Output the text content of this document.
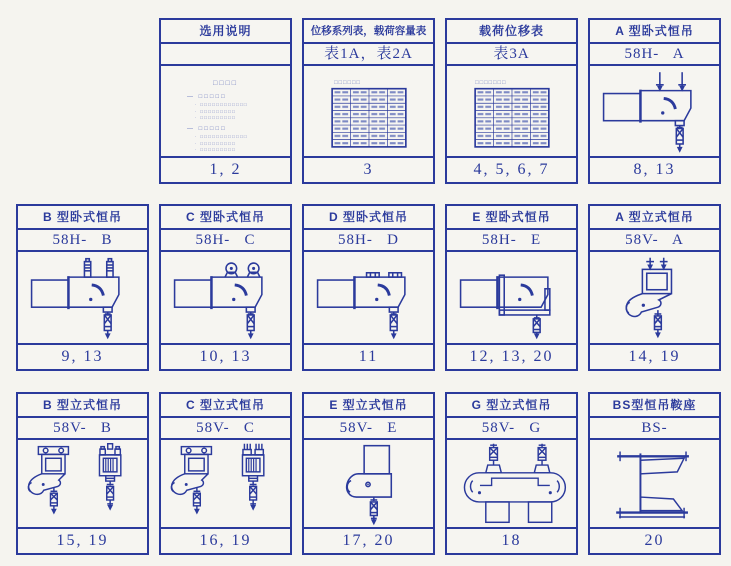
选用说明
□□□□
— □□□□□
· □□□□□□□□□□□□
· □□□□□□□□□
· □□□□□□□□□
— □□□□□
· □□□□□□□□□□□□
· □□□□□□□□□
· □□□□□□□□□
1, 2
位移系列表，载荷容量表
表1A，表2A
□□□□□□
3
载荷位移表
表3A
□□□□□□□
4, 5, 6, 7
A 型卧式恒吊
58H-   A
8, 13
B 型卧式恒吊
58H-   B
9, 13
C 型卧式恒吊
58H-   C
10, 13
D 型卧式恒吊
58H-   D
11
E 型卧式恒吊
58H-   E
12, 13, 20
A 型立式恒吊
58V-   A
14, 19
B 型立式恒吊
58V-   B
15, 19
C 型立式恒吊
58V-   C
16, 19
E 型立式恒吊
58V-   E
17, 20
G 型立式恒吊
58V-   G
18
BS型恒吊鞍座
BS-
20
